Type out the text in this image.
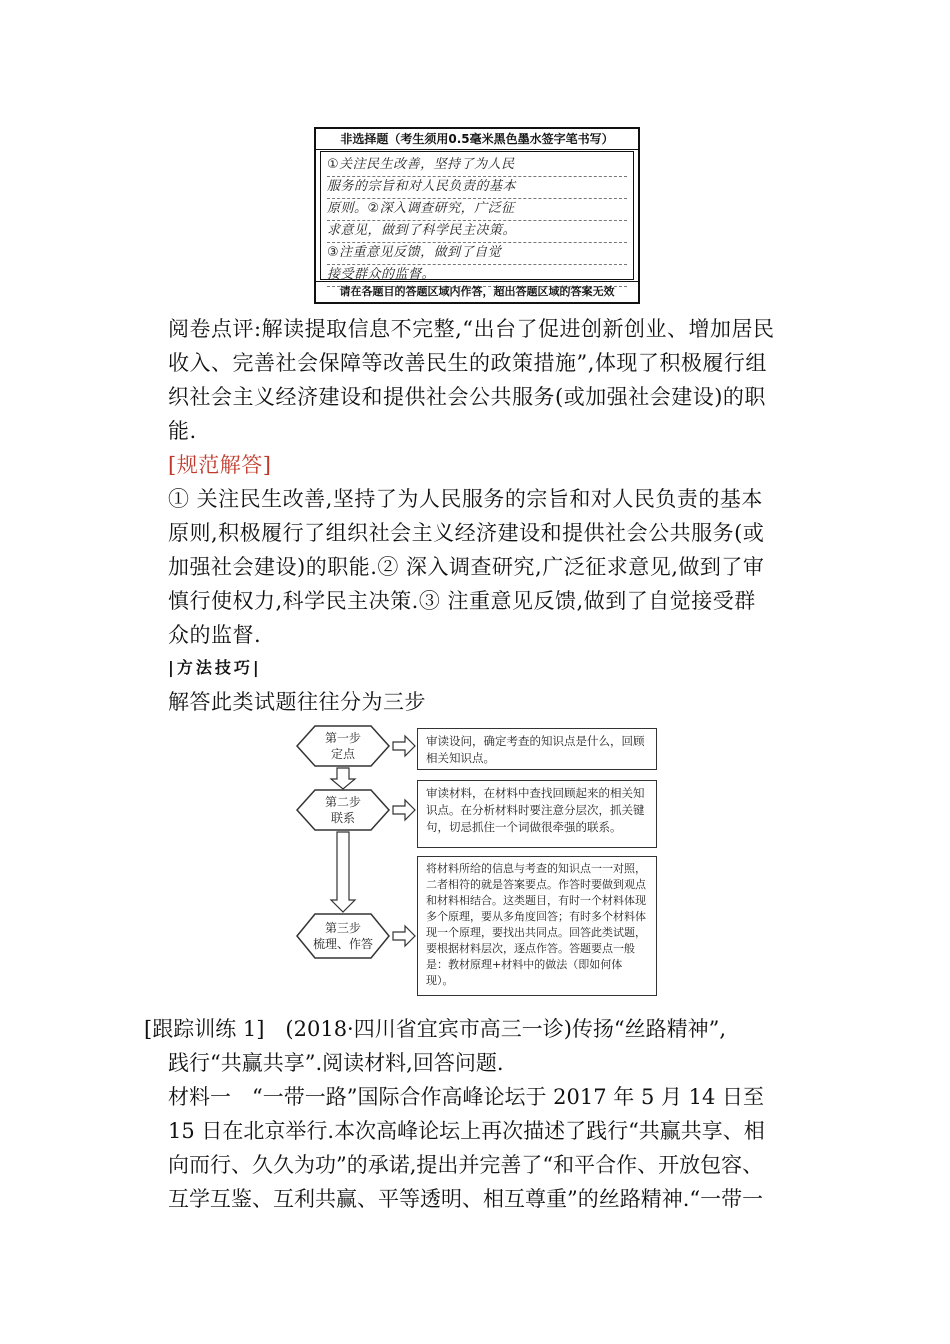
非选择题（考生须用0.5毫米黑色墨水签字笔书写）
①关注民生改善，坚持了为人民
服务的宗旨和对人民负责的基本
原则。②深入调查研究，广泛征
求意见，做到了科学民主决策。
③注重意见反馈，做到了自觉
接受群众的监督。
请在各题目的答题区域内作答，超出答题区域的答案无效
阅卷点评:解读提取信息不完整,“出台了促进创新创业、增加居民
收入、完善社会保障等改善民生的政策措施”,体现了积极履行组
织社会主义经济建设和提供社会公共服务(或加强社会建设)的职
能.
[规范解答]
① 关注民生改善,坚持了为人民服务的宗旨和对人民负责的基本
原则,积极履行了组织社会主义经济建设和提供社会公共服务(或
加强社会建设)的职能.② 深入调查研究,广泛征求意见,做到了审
慎行使权力,科学民主决策.③ 注重意见反馈,做到了自觉接受群
众的监督.
|方法技巧|
解答此类试题往往分为三步
第一步
定点
第二步
联系
第三步
梳理、作答
审读设问，确定考查的知识点是什么，回顾相关知识点。
审读材料，在材料中查找回顾起来的相关知识点。在分析材料时要注意分层次，抓关键句，切忌抓住一个词做很牵强的联系。
将材料所给的信息与考查的知识点一一对照，二者相符的就是答案要点。作答时要做到观点和材料相结合。这类题目，有时一个材料体现多个原理，要从多角度回答；有时多个材料体现一个原理，要找出共同点。回答此类试题，要根据材料层次，逐点作答。答题要点一般是：教材原理+材料中的做法（即如何体现）。
[跟踪训练 1]　(2018·四川省宜宾市高三一诊)传扬“丝路精神”,
践行“共赢共享”.阅读材料,回答问题.
材料一　“一带一路”国际合作高峰论坛于 2017 年 5 月 14 日至
15 日在北京举行.本次高峰论坛上再次描述了践行“共赢共享、相
向而行、久久为功”的承诺,提出并完善了“和平合作、开放包容、
互学互鉴、互利共赢、平等透明、相互尊重”的丝路精神.“一带一
